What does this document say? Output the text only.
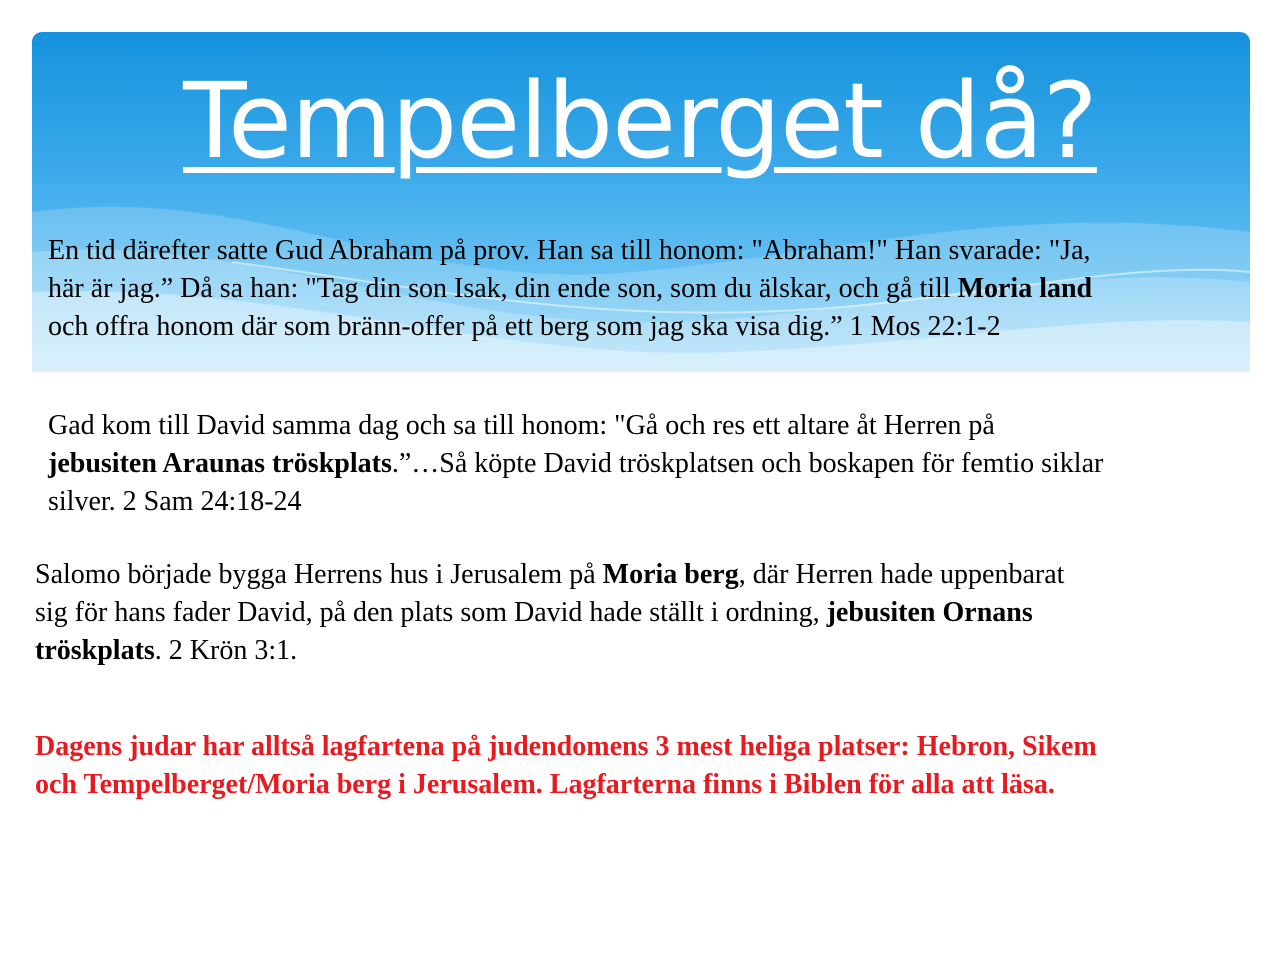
Tempelberget då?
En tid därefter satte Gud Abraham på prov. Han sa till honom: "Abraham!" Han svarade: "Ja,
här är jag.” Då sa han: "Tag din son Isak, din ende son, som du älskar, och gå till Moria land
och offra honom där som bränn-offer på ett berg som jag ska visa dig.” 1 Mos 22:1-2
Gad kom till David samma dag och sa till honom: "Gå och res ett altare åt Herren på
jebusiten Araunas tröskplats.”…Så köpte David tröskplatsen och boskapen för femtio siklar
silver. 2 Sam 24:18-24
Salomo började bygga Herrens hus i Jerusalem på Moria berg, där Herren hade uppenbarat
sig för hans fader David, på den plats som David hade ställt i ordning, jebusiten Ornans
tröskplats. 2 Krön 3:1.
Dagens judar har alltså lagfartena på judendomens 3 mest heliga platser: Hebron, Sikem
och Tempelberget/Moria berg i Jerusalem. Lagfarterna finns i Biblen för alla att läsa.
